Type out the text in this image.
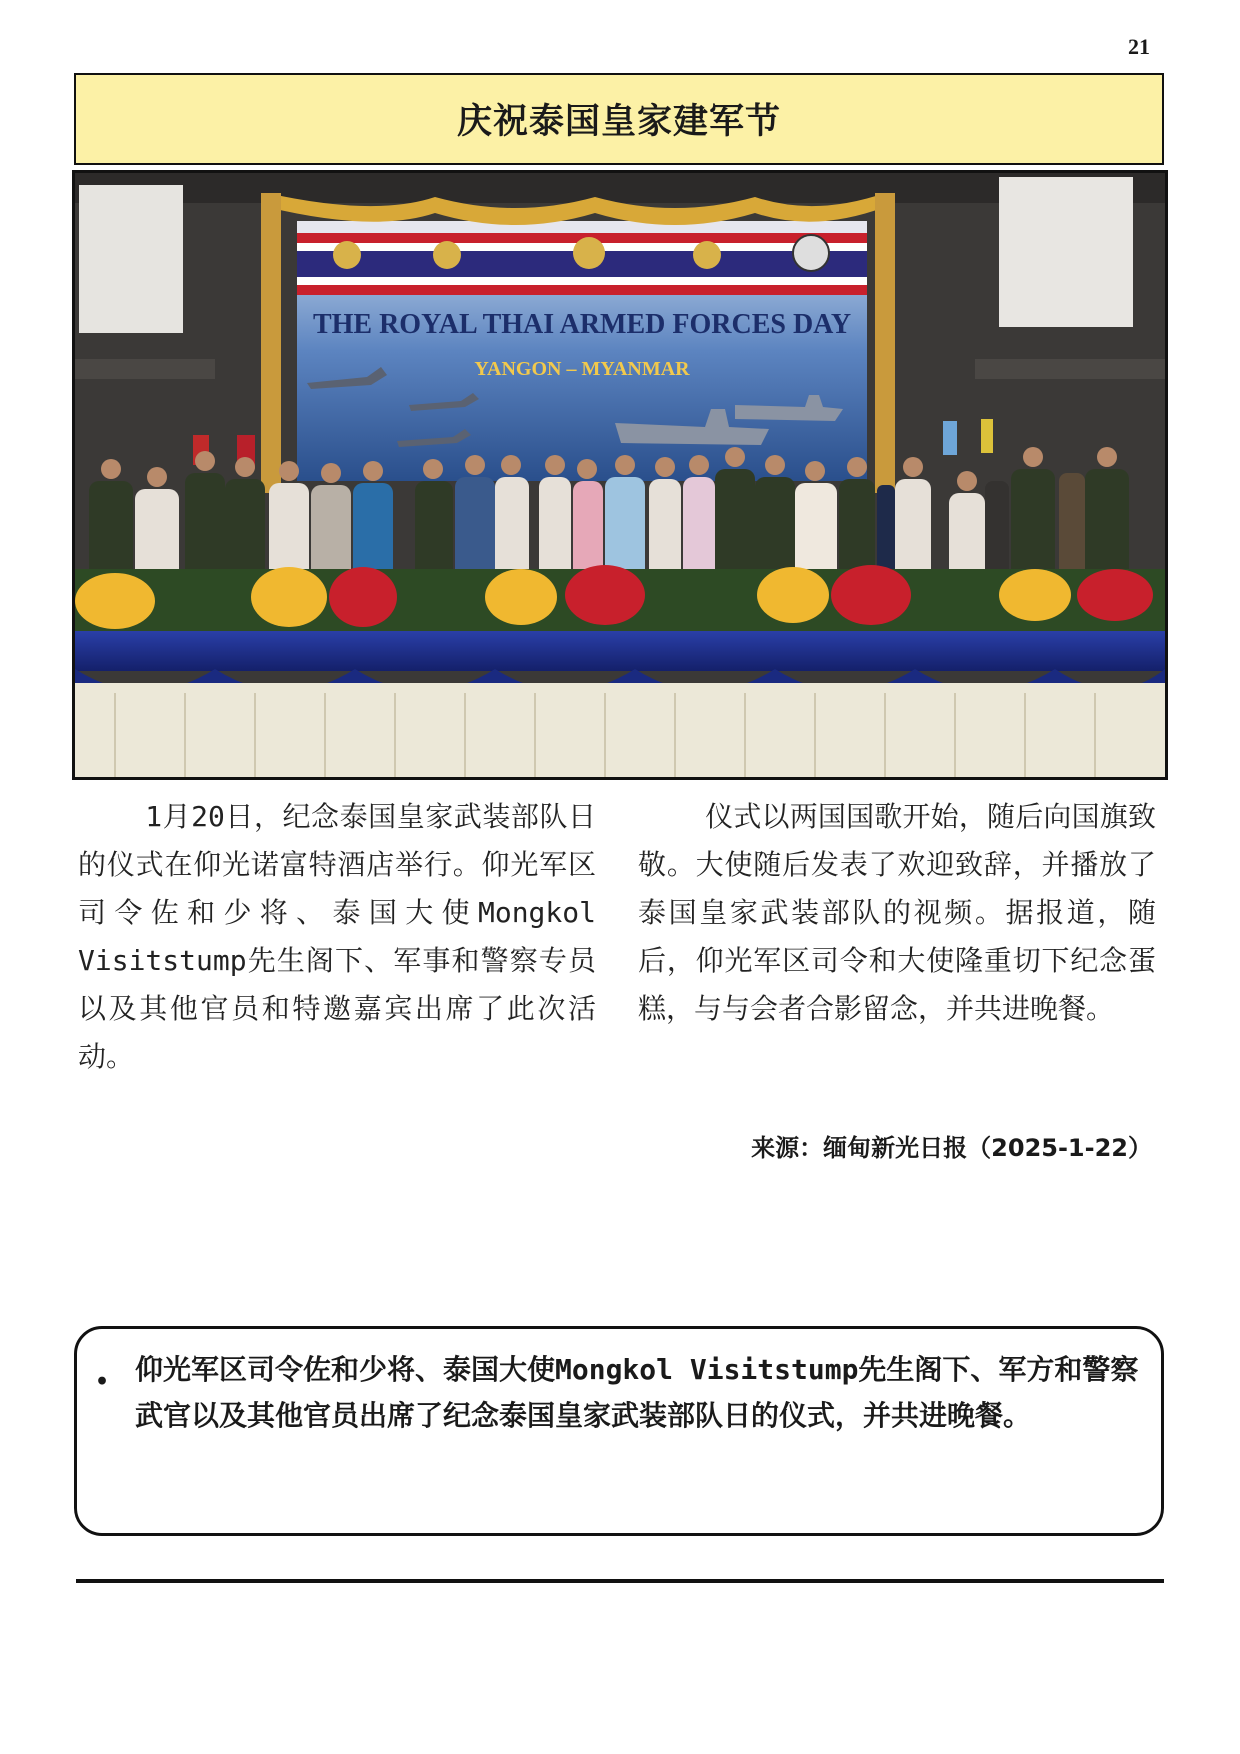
21
庆祝泰国皇家建军节
THE ROYAL THAI ARMED FORCES DAY
YANGON – MYANMAR
1月20日，纪念泰国皇家武装部队日的仪式在仰光诺富特酒店举行。仰光军区司令佐和少将、泰国大使Mongkol Visitstump先生阁下、军事和警察专员以及其他官员和特邀嘉宾出席了此次活动。
仪式以两国国歌开始，随后向国旗致敬。大使随后发表了欢迎致辞，并播放了泰国皇家武装部队的视频。据报道，随后，仰光军区司令和大使隆重切下纪念蛋糕，与与会者合影留念，并共进晚餐。
来源：缅甸新光日报（2025-1-22）
• 仰光军区司令佐和少将、泰国大使Mongkol Visitstump先生阁下、军方和警察武官以及其他官员出席了纪念泰国皇家武装部队日的仪式，并共进晚餐。
